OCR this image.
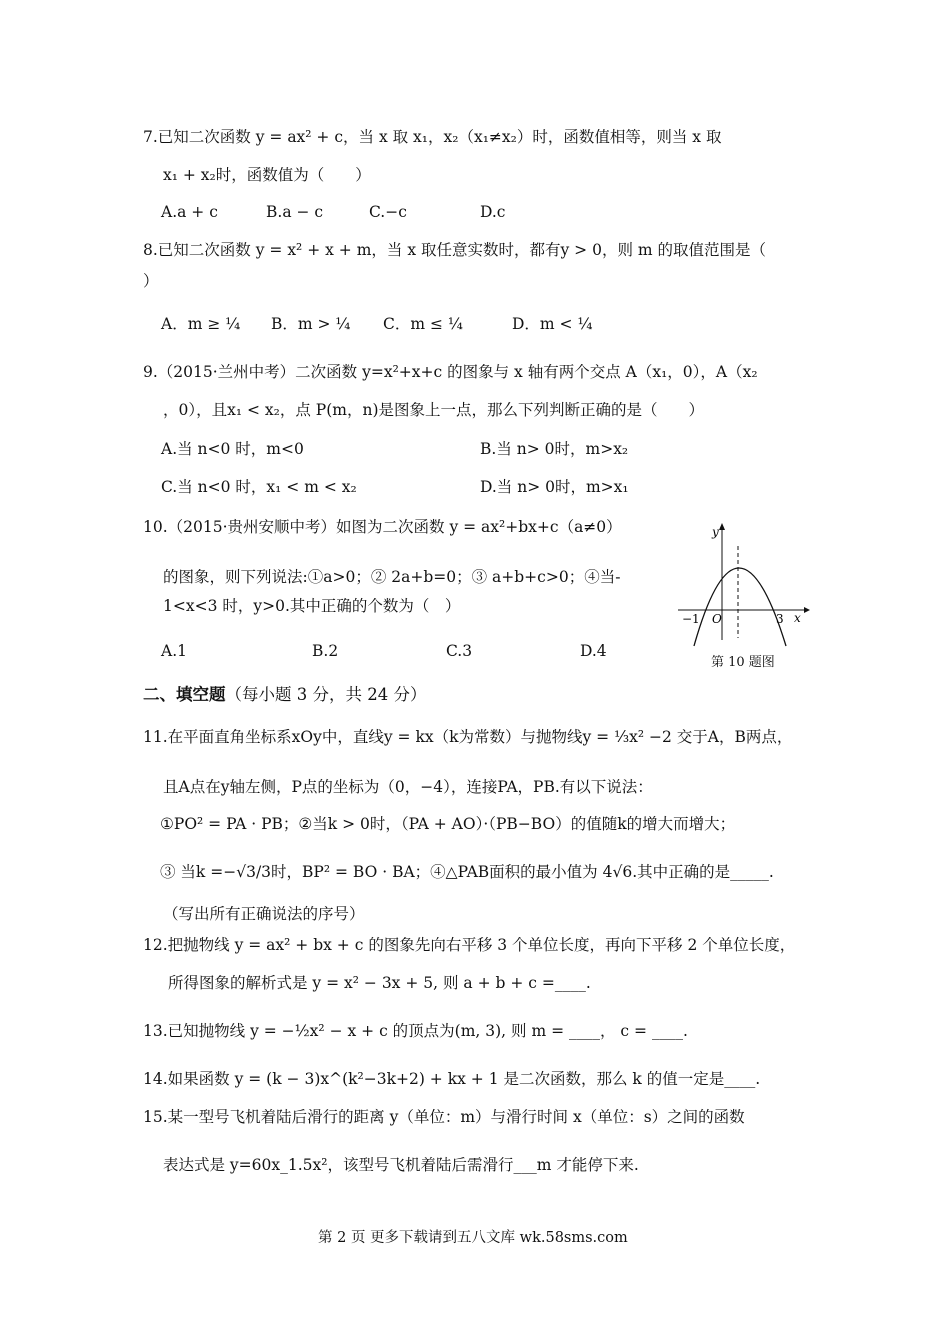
7.已知二次函数 y = ax² + c，当 x 取 x₁，x₂（x₁≠x₂）时，函数值相等，则当 x 取
x₁ + x₂时，函数值为（　　）
A.a + c	B.a − c	C.−c	D.c
8.已知二次函数 y = x² + x + m，当 x 取任意实数时，都有y > 0，则 m 的取值范围是（
）
A．m ≥ ¼ B．m > ¼ C．m ≤ ¼	D．m < ¼
9.（2015·兰州中考）二次函数 y=x²+x+c 的图象与 x 轴有两个交点 A（x₁，0），A（x₂
，0），且x₁ < x₂，点 P(m，n)是图象上一点，那么下列判断正确的是（　　）
A.当 n<0 时，m<0	B.当 n> 0时，m>x₂
C.当 n<0 时，x₁ < m < x₂	D.当 n> 0时，m>x₁
10.（2015·贵州安顺中考）如图为二次函数 y = ax²+bx+c（a≠0）
的图象，则下列说法:①a>0；② 2a+b=0；③ a+b+c>0；④当-
1<x<3 时，y>0.其中正确的个数为（　）
A.1	B.2	C.3	D.4
y
x
O
−1	3
第 10 题图
二、填空题（每小题 3 分，共 24 分）
11.在平面直角坐标系xOy中，直线y = kx（k为常数）与抛物线y = ⅓x² −2 交于A，B两点，
且A点在y轴左侧，P点的坐标为（0，−4），连接PA，PB.有以下说法：
①PO² = PA · PB；②当k > 0时，（PA + AO）·（PB−BO）的值随k的增大而增大；
③ 当k =−√3/3时，BP² = BO · BA；④△PAB面积的最小值为 4√6.其中正确的是_____.
（写出所有正确说法的序号）
12.把抛物线 y = ax² + bx + c 的图象先向右平移 3 个单位长度，再向下平移 2 个单位长度，
所得图象的解析式是 y = x² − 3x + 5, 则 a + b + c =____.
13.已知抛物线 y = −½x² − x + c 的顶点为(m, 3), 则 m = ____， c = ____.
14.如果函数 y = (k − 3)x^(k²−3k+2) + kx + 1 是二次函数，那么 k 的值一定是____.
15.某一型号飞机着陆后滑行的距离 y（单位：m）与滑行时间 x（单位：s）之间的函数
表达式是 y=60x_1.5x²，该型号飞机着陆后需滑行___m 才能停下来.
第 2 页 更多下载请到五八文库 wk.58sms.com
